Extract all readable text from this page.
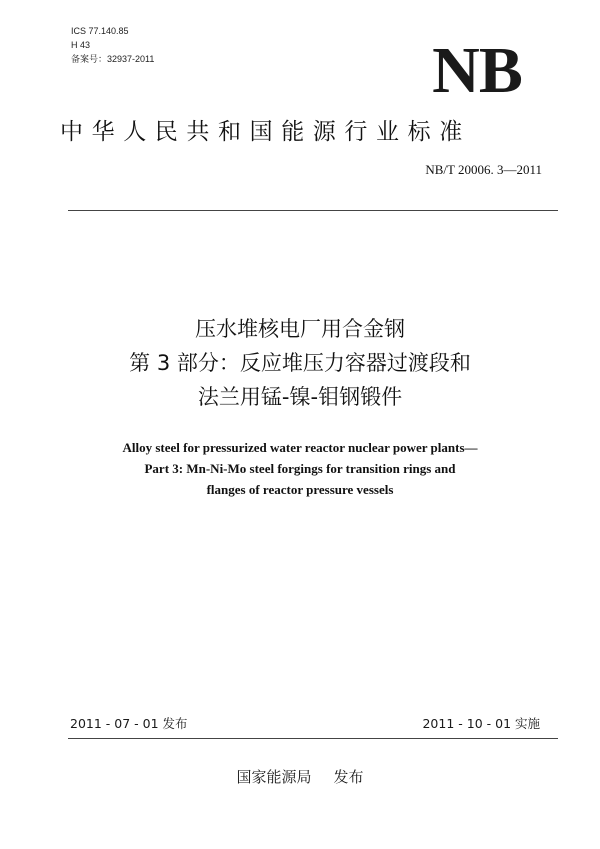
ICS 77.140.85
H 43
备案号：32937-2011	NB
中华人民共和国能源行业标准
NB/T 20006. 3—2011
压水堆核电厂用合金钢
第 3 部分：反应堆压力容器过渡段和
法兰用锰-镍-钼钢锻件
Alloy steel for pressurized water reactor nuclear power plants—
Part 3: Mn-Ni-Mo steel forgings for transition rings and
flanges of reactor pressure vessels
2011 - 07 - 01 发布	2011 - 10 - 01 实施
国家能源局 发布
